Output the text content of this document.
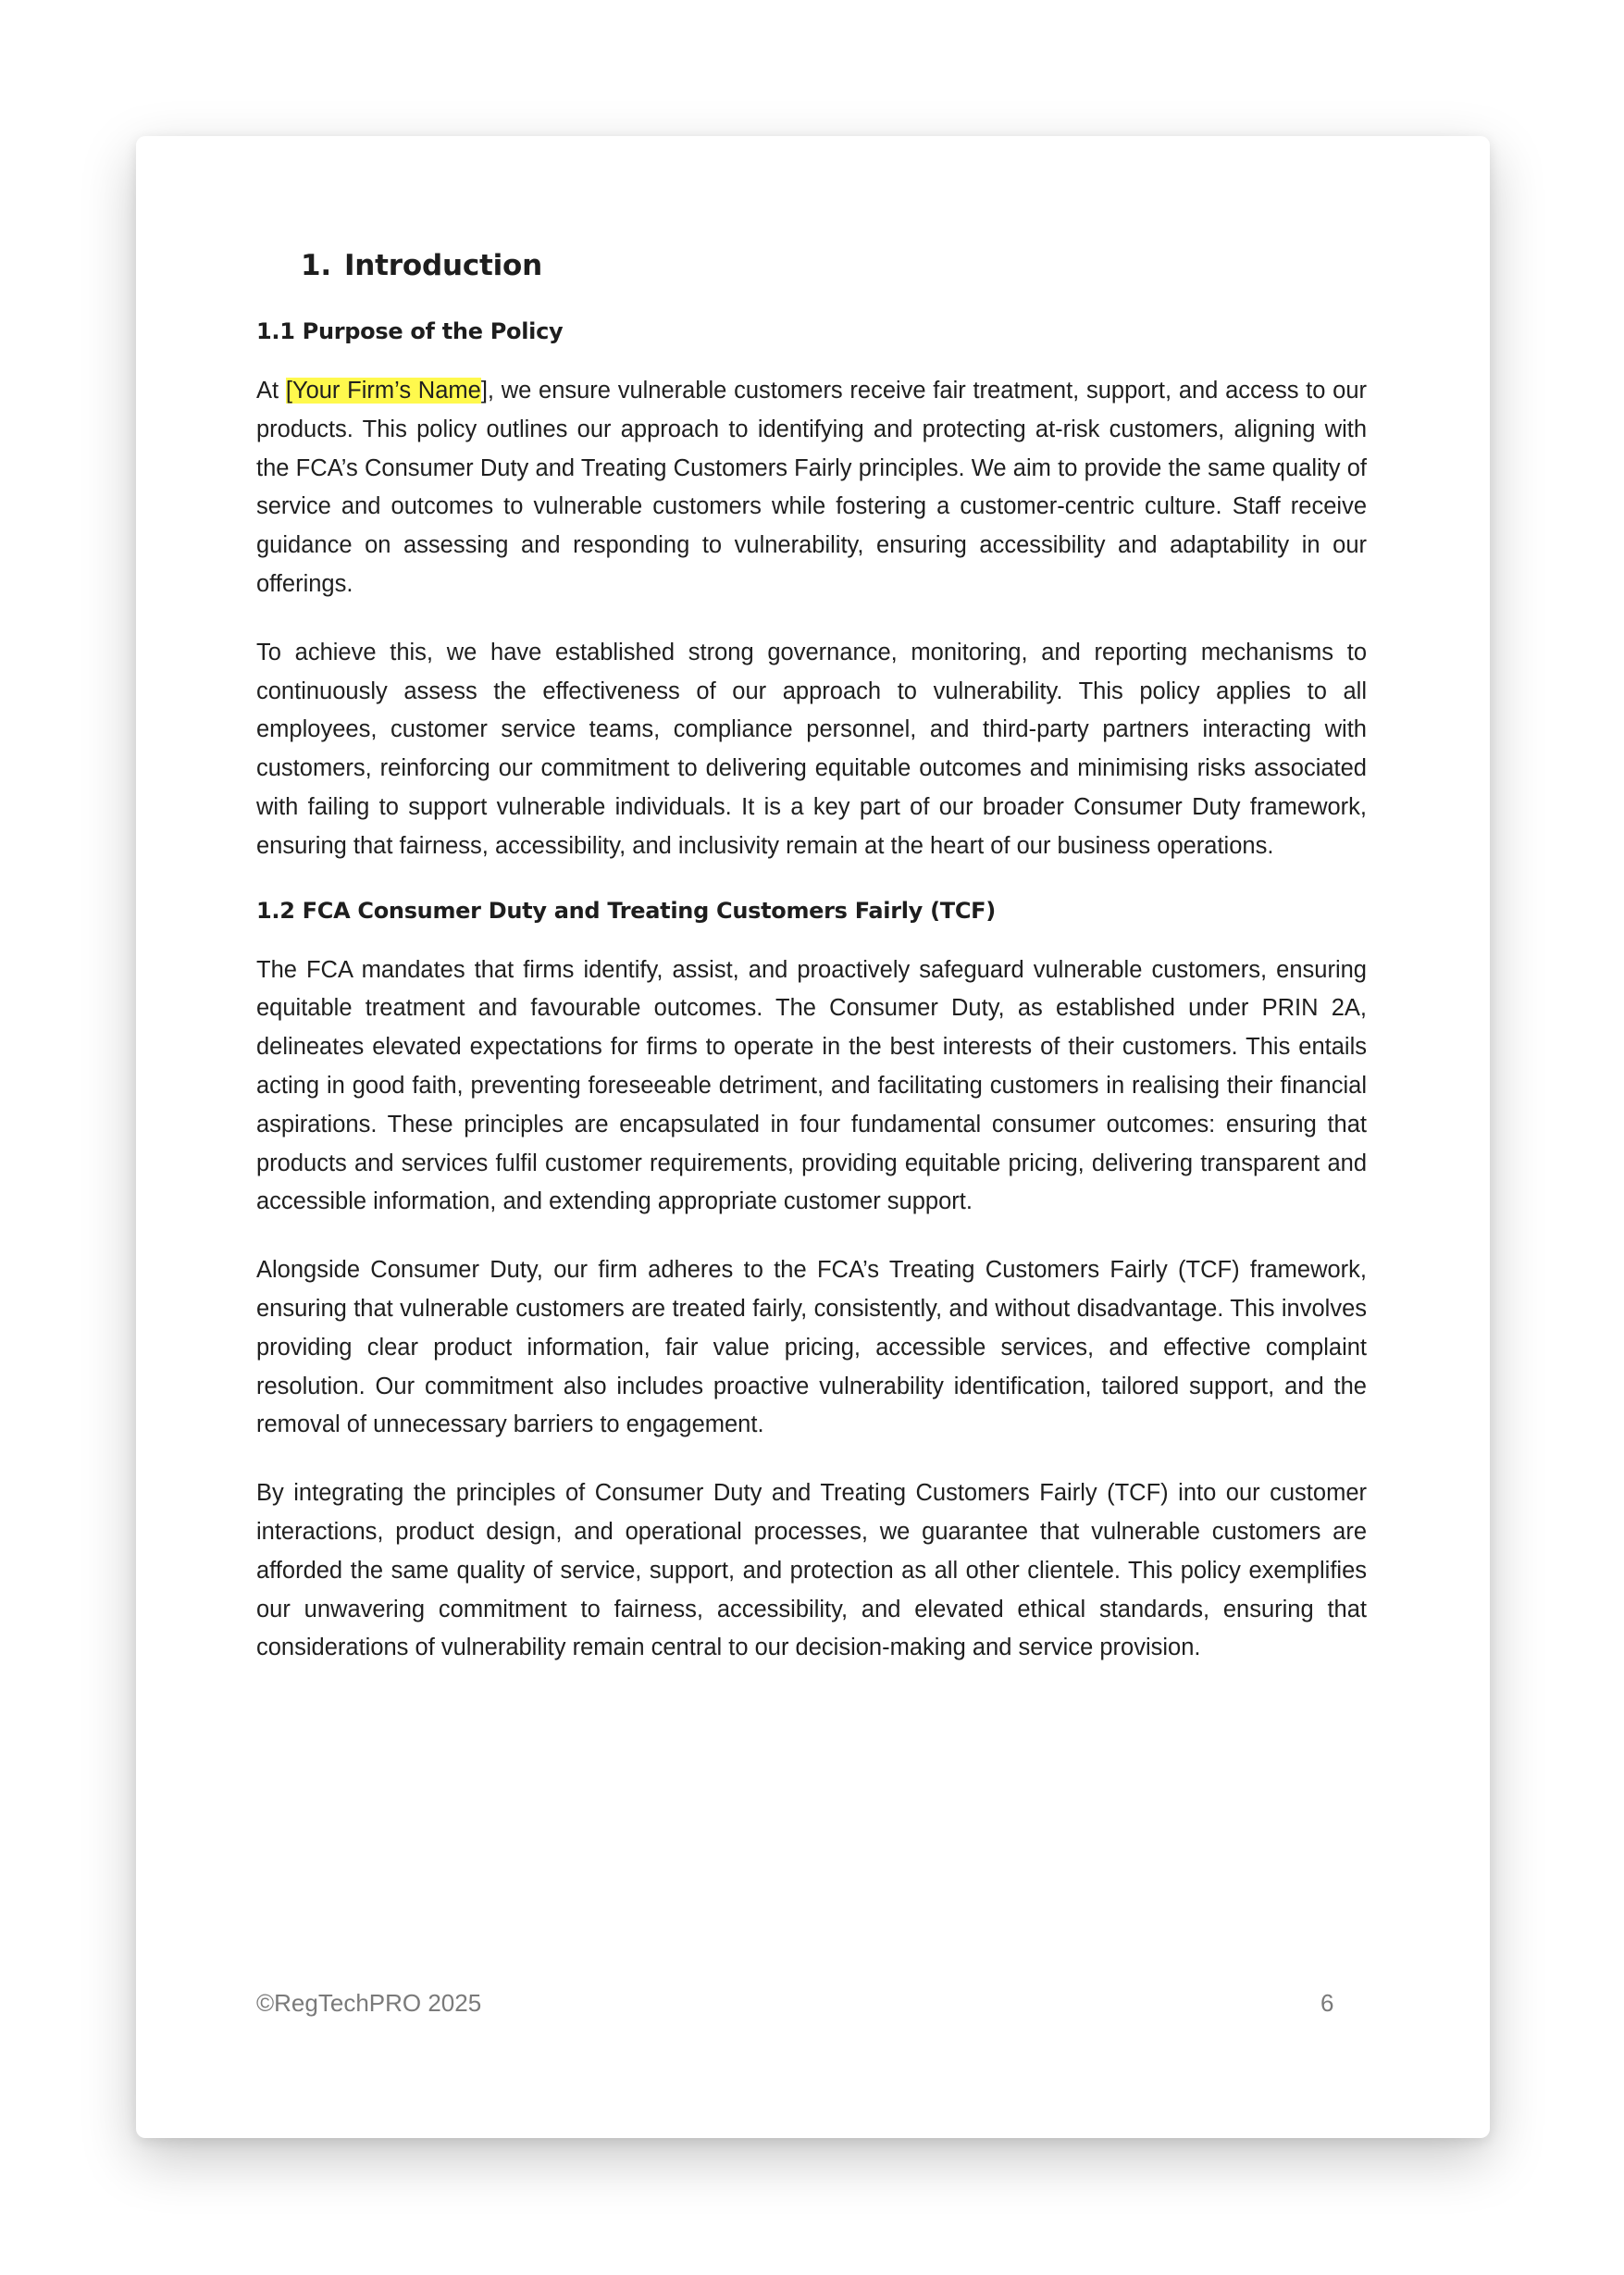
1. Introduction
1.1 Purpose of the Policy

At [Your Firm’s Name], we ensure vulnerable customers receive fair treatment, support, and access to our products. This policy outlines our approach to identifying and protecting at-risk customers, aligning with the FCA’s Consumer Duty and Treating Customers Fairly principles. We aim to provide the same quality of service and outcomes to vulnerable customers while fostering a customer-centric culture. Staff receive guidance on assessing and responding to vulnerability, ensuring accessibility and adaptability in our offerings.

To achieve this, we have established strong governance, monitoring, and reporting mechanisms to continuously assess the effectiveness of our approach to vulnerability. This policy applies to all employees, customer service teams, compliance personnel, and third-party partners interacting with customers, reinforcing our commitment to delivering equitable outcomes and minimising risks associated with failing to support vulnerable individuals. It is a key part of our broader Consumer Duty framework, ensuring that fairness, accessibility, and inclusivity remain at the heart of our business operations.

1.2 FCA Consumer Duty and Treating Customers Fairly (TCF)

The FCA mandates that firms identify, assist, and proactively safeguard vulnerable customers, ensuring equitable treatment and favourable outcomes. The Consumer Duty, as established under PRIN 2A, delineates elevated expectations for firms to operate in the best interests of their customers. This entails acting in good faith, preventing foreseeable detriment, and facilitating customers in realising their financial aspirations. These principles are encapsulated in four fundamental consumer outcomes: ensuring that products and services fulfil customer requirements, providing equitable pricing, delivering transparent and accessible information, and extending appropriate customer support.

Alongside Consumer Duty, our firm adheres to the FCA’s Treating Customers Fairly (TCF) framework, ensuring that vulnerable customers are treated fairly, consistently, and without disadvantage. This involves providing clear product information, fair value pricing, accessible services, and effective complaint resolution. Our commitment also includes proactive vulnerability identification, tailored support, and the removal of unnecessary barriers to engagement.

By integrating the principles of Consumer Duty and Treating Customers Fairly (TCF) into our customer interactions, product design, and operational processes, we guarantee that vulnerable customers are afforded the same quality of service, support, and protection as all other clientele. This policy exemplifies our unwavering commitment to fairness, accessibility, and elevated ethical standards, ensuring that considerations of vulnerability remain central to our decision-making and service provision.

©RegTechPRO 2025	6
